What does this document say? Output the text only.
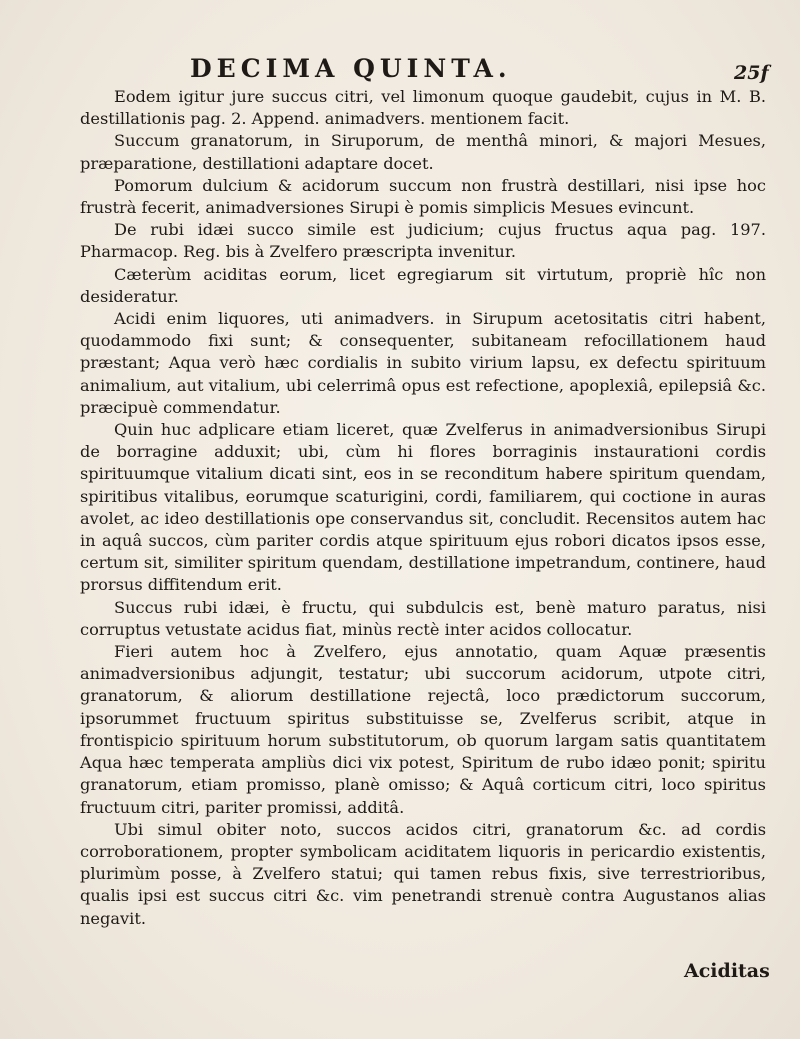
DECIMA QUINTA.	25f

Eodem igitur jure succus citri, vel limonum quoque gaudebit, cujus in M. B. destillationis pag. 2. Append. animadvers. mentionem facit.

Succum granatorum, in Siruporum, de menthâ minori, & majori Mesues, præparatione, destillationi adaptare docet.

Pomorum dulcium & acidorum succum non frustrà destillari, nisi ipse hoc frustrà fecerit, animadversiones Sirupi è pomis simplicis Mesues evincunt.

De rubi idæi succo simile est judicium; cujus fructus aqua pag. 197. Pharmacop. Reg. bis à Zvelfero præscripta invenitur.

Cæterùm aciditas eorum, licet egregiarum sit virtutum, propriè hîc non desideratur.

Acidi enim liquores, uti animadvers. in Sirupum acetositatis citri habent, quodammodo fixi sunt; & consequenter, subitaneam refocillationem haud præstant; Aqua verò hæc cordialis in subito virium lapsu, ex defectu spirituum animalium, aut vitalium, ubi celerrimâ opus est refectione, apoplexiâ, epilepsiâ &c. præcipuè commendatur.

Quin huc adplicare etiam liceret, quæ Zvelferus in animadversionibus Sirupi de borragine adduxit; ubi, cùm hi flores borraginis instaurationi cordis spirituumque vitalium dicati sint, eos in se reconditum habere spiritum quendam, spiritibus vitalibus, eorumque scaturigini, cordi, familiarem, qui coctione in auras avolet, ac ideo destillationis ope conservandus sit, concludit. Recensitos autem hac in aquâ succos, cùm pariter cordis atque spirituum ejus robori dicatos ipsos esse, certum sit, similiter spiritum quendam, destillatione impetrandum, continere, haud prorsus diffitendum erit.

Succus rubi idæi, è fructu, qui subdulcis est, benè maturo paratus, nisi corruptus vetustate acidus fiat, minùs rectè inter acidos collocatur.

Fieri autem hoc à Zvelfero, ejus annotatio, quam Aquæ præsentis animadversionibus adjungit, testatur; ubi succorum acidorum, utpote citri, granatorum, & aliorum destillatione rejectâ, loco prædictorum succorum, ipsorummet fructuum spiritus substituisse se, Zvelferus scribit, atque in frontispicio spirituum horum substitutorum, ob quorum largam satis quantitatem Aqua hæc temperata ampliùs dici vix potest, Spiritum de rubo idæo ponit; spiritu granatorum, etiam promisso, planè omisso; & Aquâ corticum citri, loco spiritus fructuum citri, pariter promissi, additâ.

Ubi simul obiter noto, succos acidos citri, granatorum &c. ad cordis corroborationem, propter symbolicam aciditatem liquoris in pericardio existentis, plurimùm posse, à Zvelfero statui; qui tamen rebus fixis, sive terrestrioribus, qualis ipsi est succus citri &c. vim penetrandi strenuè contra Augustanos alias negavit.

Aciditas
